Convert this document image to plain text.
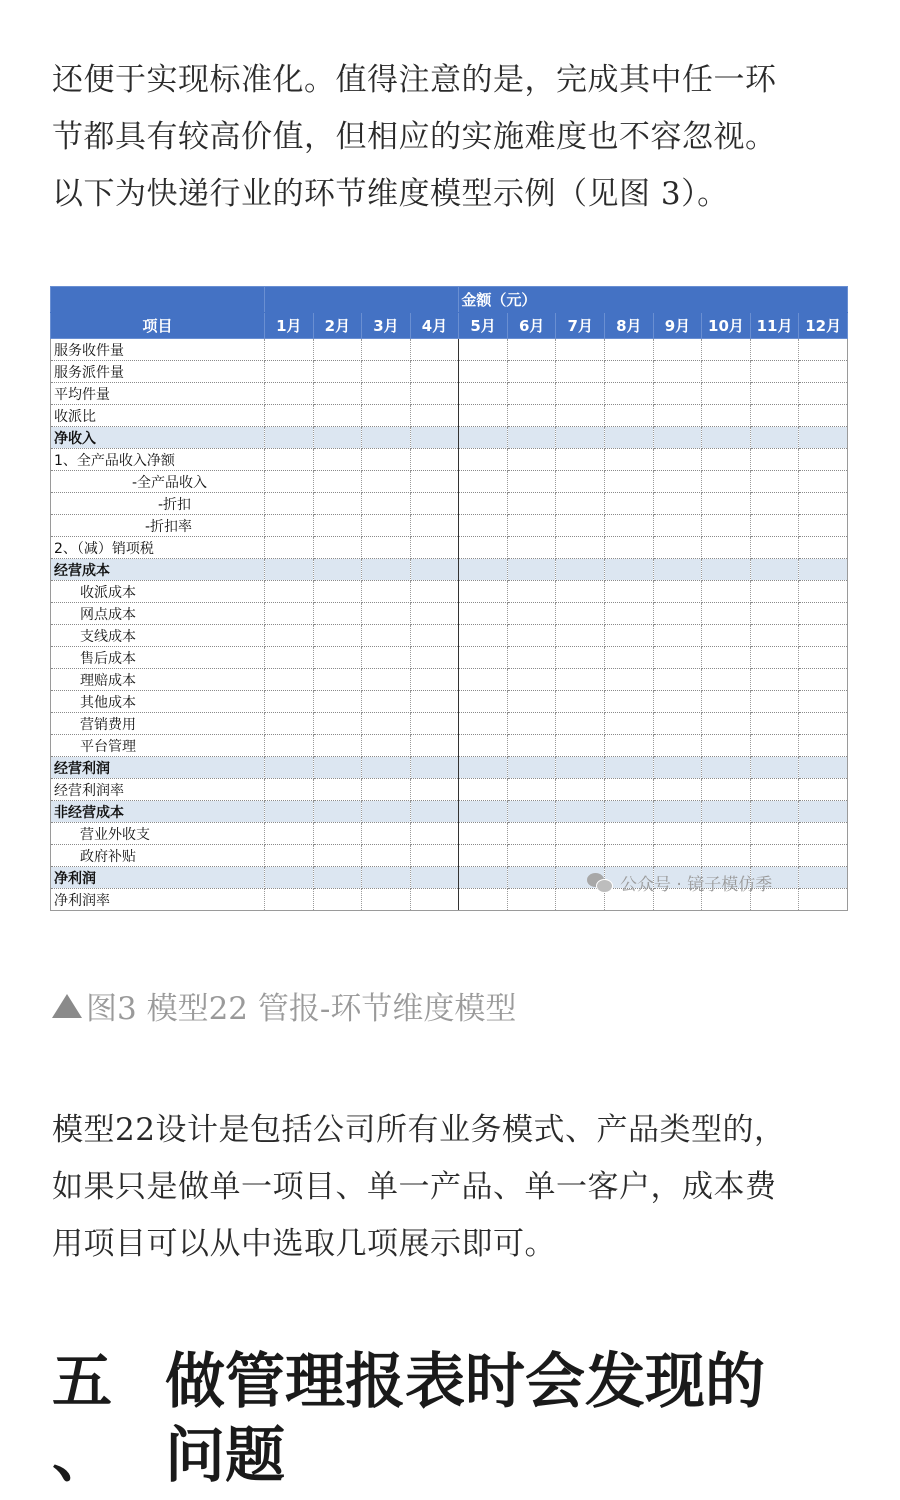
还便于实现标准化。值得注意的是，完成其中任一环
节都具有较高价值，但相应的实施难度也不容忽视。
以下为快递行业的环节维度模型示例（见图 3）。

					金额（元）							
项目	1月	2月	3月	4月	5月	6月	7月	8月	9月	10月	11月	12月
服务收件量												
服务派件量												
平均件量												
收派比												
净收入												
1、全产品收入净额												
-全产品收入												
-折扣												
-折扣率												
2、（减）销项税												
经营成本												
收派成本												
网点成本												
支线成本												
售后成本												
理赔成本												
其他成本												
营销费用												
平台管理												
经营利润												
经营利润率												
非经营成本												
营业外收支												
政府补贴												
净利润												
净利润率												
公众号 · 镜子模仿季
图3 模型22 管报-环节维度模型

模型22设计是包括公司所有业务模式、产品类型的，
如果只是做单一项目、单一产品、单一客户，成本费
用项目可以从中选取几项展示即可。

五
、
做管理报表时会发现的
问题
